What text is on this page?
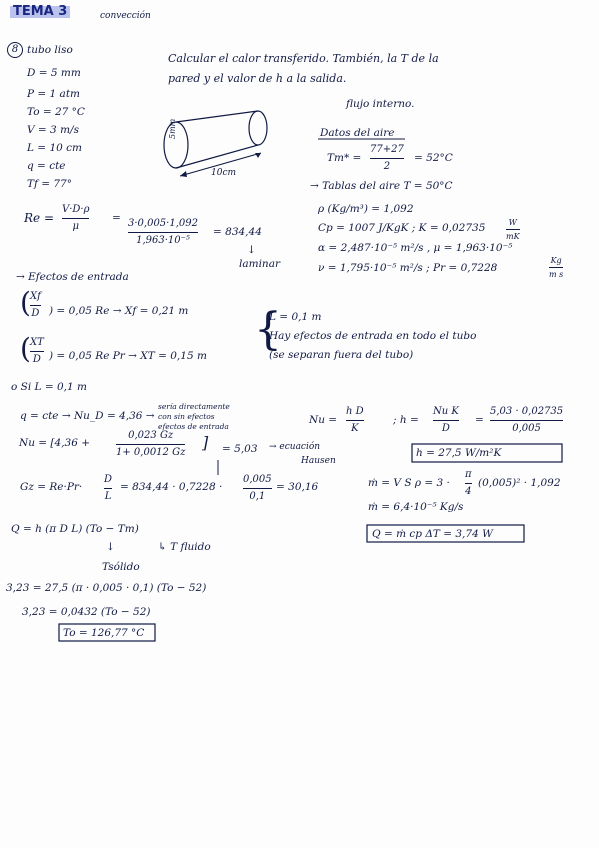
TEMA 3	convección
8 tubo liso
D = 5 mm
P = 1 atm
To = 27 °C
V = 3 m/s
L = 10 cm
q = cte
Tf = 77°
Calcular el calor transferido. También, la T de la
pared y el valor de h a la salida.
flujo interno.
5mm
10cm
Datos del aire
Tm* =
77+27
2
= 52°C
→ Tablas del aire T = 50°C
ρ (Kg/m³) = 1,092
Cp = 1007 J/KgK ; K = 0,02735	W
mK
α = 2,487·10⁻⁵ m²/s , μ = 1,963·10⁻⁵
Kg
m s
ν = 1,795·10⁻⁵ m²/s ; Pr = 0,7228
Re =
V·D·ρ
μ
= 3·0,005·1,092
1,963·10⁻⁵
= 834,44
↓
laminar
→ Efectos de entrada
( Xf
D ) = 0,05 Re → Xf = 0,21 m
( XT
D ) = 0,05 Re Pr → XT = 0,15 m
{
L = 0,1 m
Hay efectos de entrada en todo el tubo
(se separan fuera del tubo)
o Si L = 0,1 m
q = cte → Nu_D = 4,36 →
sería directamente
con sin efectos
efectos de entrada
Nu =
h D
K
; h =
Nu K
D
=
5,03 · 0,02735
0,005
h = 27,5 W/m²K
Nu = [4,36 +
0,023 Gz
1+ 0,0012 Gz
] = 5,03 → ecuación
Hausen
Gz = Re·Pr·
D
L
= 834,44 · 0,7228 ·
0,005
0,1
= 30,16	ṁ = V S ρ = 3 ·
π
4
(0,005)² · 1,092
ṁ = 6,4·10⁻⁵ Kg/s
Q = ṁ cp ΔT = 3,74 W
Q = h (π D L) (To − Tm)
↓	↳ T fluido
Tsólido
3,23 = 27,5 (π · 0,005 · 0,1) (To − 52)
3,23 = 0,0432 (To − 52)
To = 126,77 °C
